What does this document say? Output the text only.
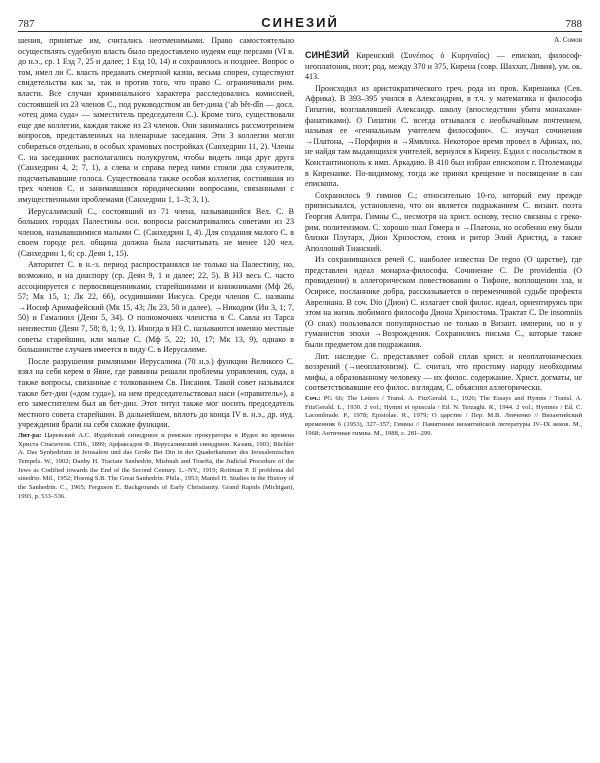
787	СИНЕЗИЙ	788

шения, принятые им, считались неотменимыми. Право самостоятельно осуществлять судебную власть было предоставлено иудеям еще персами (VI в. до н.э., ср. 1 Езд 7, 25 и далее; 1 Езд 10, 14) и сохранялось и позднее. Вопрос о том, имел ли С. власть предавать смертной казни, весьма спорен, существуют свидетельства как за, так и против того, что право С. ограничивали рим. власти. Все случаи криминального характера расследовались комиссией, состоявшей из 23 членов С., под руководством ав бет-дина (‘ab bêt-dîn — досл. «отец дома суда» — заместитель председателя С.). Кроме того, существовали еще две коллегии, каждая также из 23 членов. Они занимались рассмотрением вопросов, представленных на пленарные заседания. Эти 3 коллегии могли собираться отдельно, в особых храмовых постройках (Санхедрин 11, 2). Члены С. на заседаниях располагались полукругом, чтобы видеть лица друг друга (Санхедрин 4, 2; 7, 1), а слева и справа перед ними стояли два служителя, подсчитывавшие голоса. Существовала также особая коллегия, состоявшая из трех членов С. и занимавшаяся юридическими вопросами, связанными с имущественными проблемами (Санхедрин 1, 1–3; 3, 1).

Иерусалимский С., состоявший из 71 члена, называвшийся Вел. С. В больших городах Палестины осн. вопросы рассматривались советами из 23 членов, называвшимися малыми С. (Санхедрин 1, 4). Для создания малого С. в своем городе рел. община должна была насчитывать не менее 120 чел. (Санхедрин 1, 6; ср. Деян 1, 15).

Авторитет С. в н.-з. период распространялся не только на Палестину, но, возможно, и на диаспору (ср. Деян 9, 1 и далее; 22, 5). В Н3 весь С. часто ассоциируется с первосвященниками, старейшинами и книжниками (Мф 26, 57; Мк 15, 1; Лк 22, 66), осудившими Иисуса. Среди членов С. названы →Иосиф Аримафейский (Мк 15, 43; Лк 23, 50 и далее), →Никодим (Ин 3, 1; 7, 50) и Гамалиил (Деян 5, 34). О полномочиях членства в С. Савла из Тарса неизвестно (Деян 7, 58; 8, 1; 9, 1). Иногда в Н3 С. называются именно местные советы старейшин, или малые С. (Мф 5, 22; 10, 17; Мк 13, 9), однако в большинстве случаев имеется в виду С. в Иерусалиме.

После разрушения римлянами Иерусалима (70 н.э.) функции Великого С. взял на себя керем в Явне, где раввины решали проблемы управления, суда, а также вопросы, связанные с толкованием Св. Писания. Такой совет назывался также бет-дин («дом суда»), на нем председательствовал наси («правитель»), а его заместителем был ав бет-дин. Этот титул также мог носить председатель местного совета старейшин. В дальнейшем, вплоть до конца IV в. н.э., др. иуд. учреждения брали на себя схожие функции.

Лит-ра: Царевский А.С. Иудейский синедрион и римские прокураторы в Иудее во времена Христа Спасителя. СПб., 1899; Арфаксадов Ф. Иерусалимский синедрион. Казань, 1903; Büchler A. Das Synhedrium in Jerusalem und das Große Bet Din in der Quaderkammer des Jerusalemischen Tempels. W., 1902; Danby H. Tractate Sanhedrin, Mishnah and Tosefta, the Judicial Procedure of the Jews as Codified towards the End of the Second Century. L.–NY., 1919; Roitman P. Il problema del sinedrio. Mil., 1952; Hoenig S.B. The Great Sanhedrin. Phila., 1953; Mantel H. Studies in the History of the Sanhedrin. C., 1965; Ferguson E. Backgrounds of Early Christianity. Grand Rapids (Michigan), 1993, p. 533–536.

А. Сомов

СИНЕ́ЗИЙ Киренский (Συνέσιος ὁ Κυρηναῖος) — епископ, философ-неоплатоник, поэт; род. между 370 и 375, Кирена (совр. Шаххат, Ливия), ум. ок. 413.

Происходил из аристократического греч. рода из пров. Киренаика (Сев. Африка). В 393–395 учился в Александрии, в т.ч. у математика и философа Гипатии, возглавлявшей Александр. школу (впоследствии убита монахами-фанатиками). О Гипатии С. всегда отзывался с необычайным почтением, называя ее «гениальным учителем философии». С. изучал сочинения →Платона, →Порфирия и →Ямвлиха. Некоторое время провел в Афинах, но, не найдя там выдающихся учителей, вернулся в Кирену. Ездил с посольством в Константинополь к имп. Аркадию. В 410 был избран епископом г. Птолемаиды в Киренаике. По-видимому, тогда же принял крещение и посвящение в сан епископа.

Сохранилось 9 гимнов С.; относительно 10-го, который ему прежде приписывался, установлено, что он является подражанием С. визант. поэта Георгия Алитра. Гимны С., несмотря на христ. основу, тесно связаны с греко-рим. политеизмом. С. хорошо знал Гомера и →Платона, но особенно ему были близки Плутарх, Дион Хризостом, стоик и ритор Элий Аристид, а также Аполлоний Тианский.

Из сохранившихся речей С. наиболее известна De regno (О царстве), где представлен идеал монарха-философа. Сочинение С. De providentia (О провидении) в аллегорическом повествовании о Тифоне, воплощении зла, и Осирисе, посланнике добра, рассказывается о переменчивой судьбе префекта Аврелиана. В соч. Dio (Дион) С. излагает свой филос. идеал, ориентируясь при этом на жизнь любимого философа Диона Хризостома. Трактат С. De insomniis (О снах) пользовался популярностью не только в Визант. империи, но и у гуманистов эпохи →Возрождения. Сохранились письма С., которые также были предметом для подражания.

Лит. наследие С. представляет собой сплав христ. и неоплатонических воззрений (→неоплатонизм). С. считал, что простому народу необходимы мифы, а образованному человеку — их филос. содержание. Христ. догматы, не соответствовавшие его филос. взглядам, С. объяснял аллегорически.

Соч.: PG 66; The Letters / Transl. A. FitzGerald. L., 1926; The Essays and Hymns / Transl. A. FitzGerald. L., 1930. 2 vol.; Hymni et opuscula / Ed. N. Terzaghi. R., 1944. 2 vol.; Hymnes / Ed. C. Lacombrade. P., 1978; Epistolae. R., 1979; О царстве / Пер. М.В. Левченко // Византийский временник 6 (1953), 327–357; Гимны // Памятники византийской литературы IV–IX веков. М., 1968; Античные гимны. М., 1988, с. 281–299.
